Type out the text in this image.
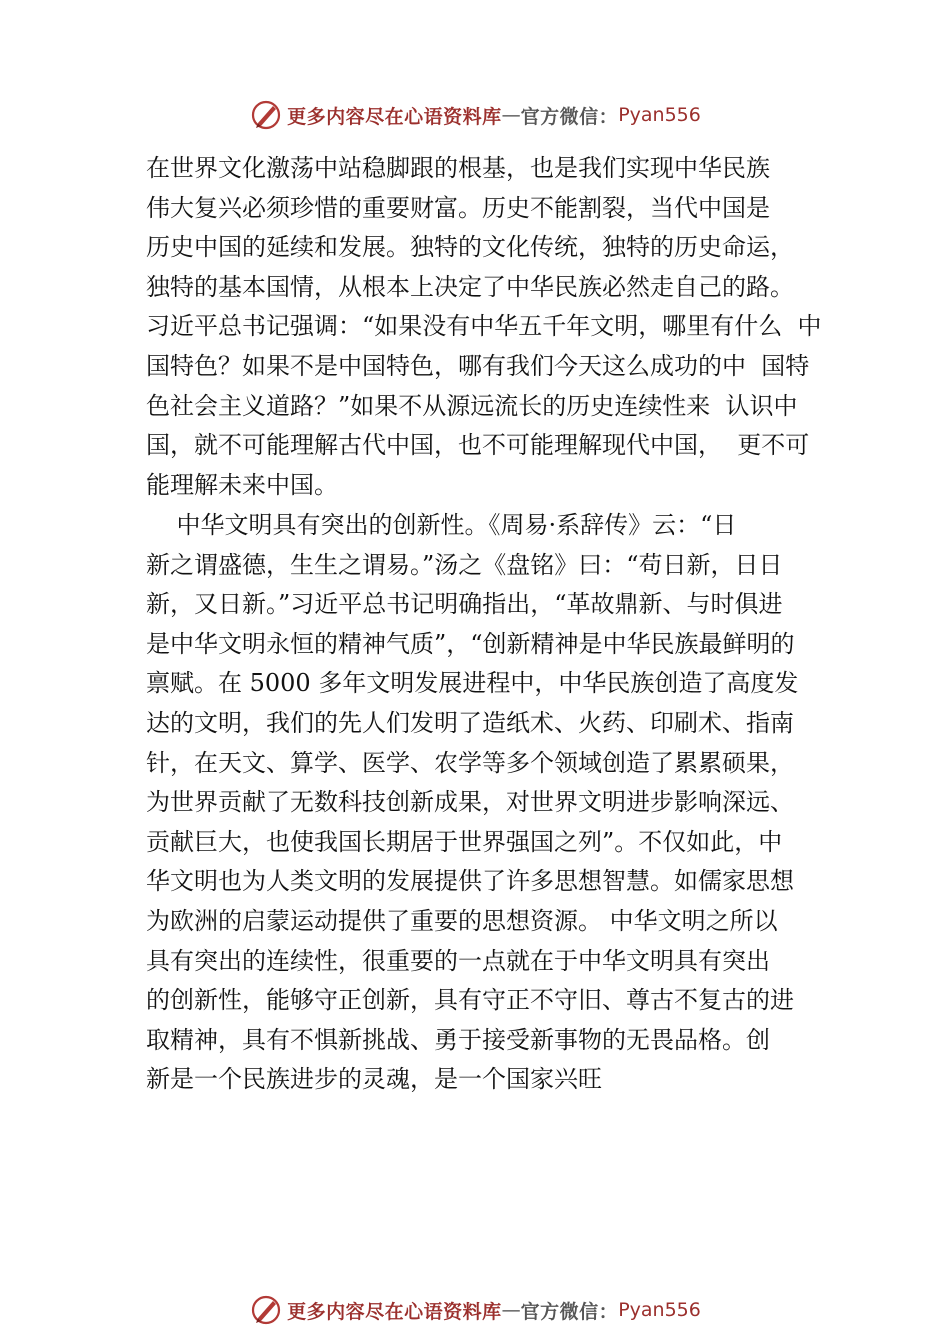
更多内容尽在心语资料库 — 官方微信： Pyan556
在世界文化激荡中站稳脚跟的根基，也是我们实现中华民族
伟大复兴必须珍惜的重要财富。历史不能割裂，当代中国是
历史中国的延续和发展。独特的文化传统，独特的历史命运，
独特的基本国情，从根本上决定了中华民族必然走自己的路。
习近平总书记强调：“如果没有中华五千年文明，哪里有什么  中
国特色？如果不是中国特色，哪有我们今天这么成功的中  国特
色社会主义道路？”如果不从源远流长的历史连续性来  认识中
国，就不可能理解古代中国，也不可能理解现代中国，  更不可
能理解未来中国。
中华文明具有突出的创新性。《周易·系辞传》云：“日
新之谓盛德，生生之谓易。”汤之《盘铭》曰：“苟日新，日日
新，又日新。”习近平总书记明确指出，“革故鼎新、与时俱进
是中华文明永恒的精神气质”，“创新精神是中华民族最鲜明的
禀赋。在 5000 多年文明发展进程中，中华民族创造了高度发
达的文明，我们的先人们发明了造纸术、火药、印刷术、指南
针，在天文、算学、医学、农学等多个领域创造了累累硕果，
为世界贡献了无数科技创新成果，对世界文明进步影响深远、
贡献巨大，也使我国长期居于世界强国之列”。不仅如此，中
华文明也为人类文明的发展提供了许多思想智慧。如儒家思想
为欧洲的启蒙运动提供了重要的思想资源。 中华文明之所以
具有突出的连续性，很重要的一点就在于中华文明具有突出
的创新性，能够守正创新，具有守正不守旧、尊古不复古的进
取精神，具有不惧新挑战、勇于接受新事物的无畏品格。创
新是一个民族进步的灵魂，是一个国家兴旺
更多内容尽在心语资料库 — 官方微信： Pyan556
